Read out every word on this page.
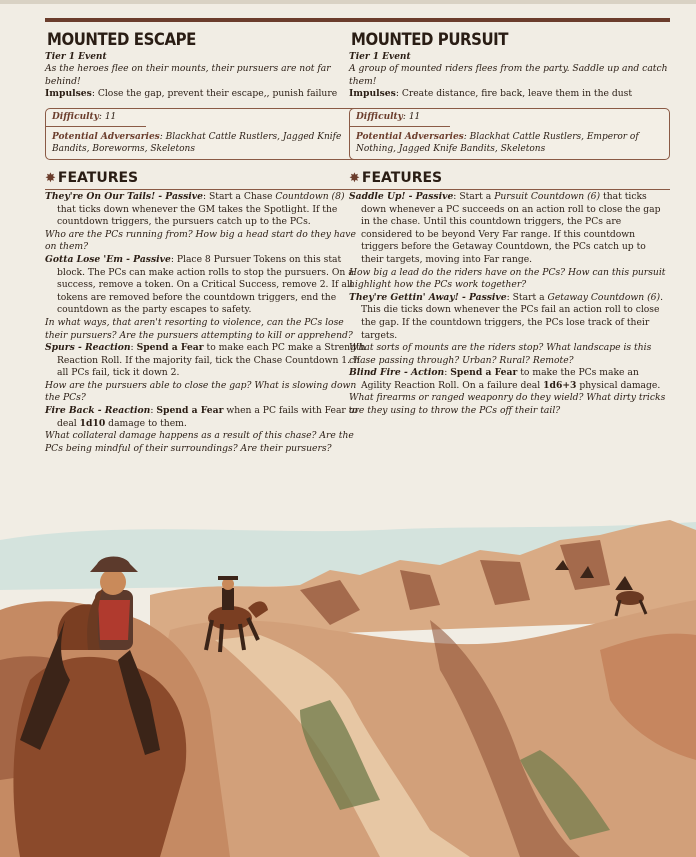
MOUNTED ESCAPE
Tier 1 Event
As the heroes flee on their mounts, their pursuers are not far behind!
Impulses: Close the gap, prevent their escape,, punish failure
Difficulty: 11
Potential Adversaries: Blackhat Cattle Rustlers, Jagged Knife Bandits, Boreworms, Skeletons
✸ FEATURES

They're On Our Tails! - Passive: Start a Chase Countdown (8) that ticks down whenever the GM takes the Spotlight. If the countdown triggers, the pursuers catch up to the PCs.

Who are the PCs running from? How big a head start do they have on them?

Gotta Lose 'Em - Passive: Place 8 Pursuer Tokens on this stat block. The PCs can make action rolls to stop the pursuers. On a success, remove a token. On a Critical Success, remove 2. If all tokens are removed before the countdown triggers, end the countdown as the party escapes to safety.

In what ways, that aren't resorting to violence, can the PCs lose their pursuers? Are the pursuers attempting to kill or apprehend?

Spurs - Reaction: Spend a Fear to make each PC make a Strength Reaction Roll. If the majority fail, tick the Chase Countdown 1. If all PCs fail, tick it down 2.

How are the pursuers able to close the gap? What is slowing down the PCs?

Fire Back - Reaction: Spend a Fear when a PC fails with Fear to deal 1d10 damage to them.

What collateral damage happens as a result of this chase? Are the PCs being mindful of their surroundings? Are their pursuers?

MOUNTED PURSUIT
Tier 1 Event
A group of mounted riders flees from the party. Saddle up and catch them!
Impulses: Create distance, fire back, leave them in the dust
Difficulty: 11
Potential Adversaries: Blackhat Cattle Rustlers, Emperor of Nothing, Jagged Knife Bandits, Skeletons
✸ FEATURES

Saddle Up! - Passive: Start a Pursuit Countdown (6) that ticks down whenever a PC succeeds on an action roll to close the gap in the chase. Until this countdown triggers, the PCs are considered to be beyond Very Far range. If this countdown triggers before the Getaway Countdown, the PCs catch up to their targets, moving into Far range.

How big a lead do the riders have on the PCs? How can this pursuit highlight how the PCs work together?

They're Gettin' Away! - Passive: Start a Getaway Countdown (6). This die ticks down whenever the PCs fail an action roll to close the gap. If the countdown triggers, the PCs lose track of their targets.

What sorts of mounts are the riders stop? What landscape is this chase passing through? Urban? Rural? Remote?

Blind Fire - Action: Spend a Fear to make the PCs make an Agility Reaction Roll. On a failure deal 1d6+3 physical damage.

What firearms or ranged weaponry do they wield? What dirty tricks are they using to throw the PCs off their tail?
